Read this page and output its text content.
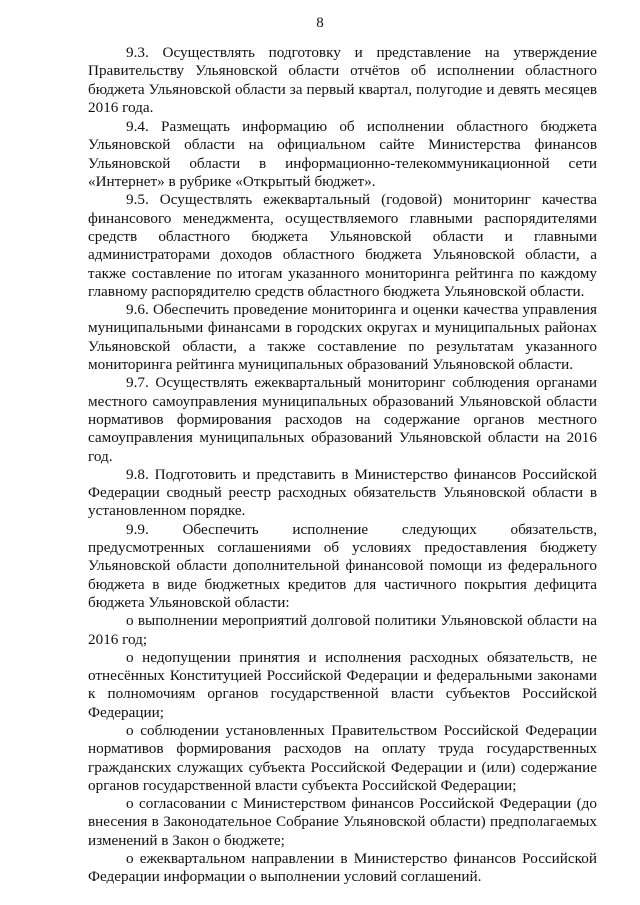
8

9.3. Осуществлять подготовку и представление на утверждение Правительству Ульяновской области отчётов об исполнении областного бюджета Ульяновской области за первый квартал, полугодие и девять месяцев 2016 года.

9.4. Размещать информацию об исполнении областного бюджета Ульяновской области на официальном сайте Министерства финансов Ульяновской области в информационно-телекоммуникационной сети «Интернет» в рубрике «Открытый бюджет».

9.5. Осуществлять ежеквартальный (годовой) мониторинг качества финансового менеджмента, осуществляемого главными распорядителями средств областного бюджета Ульяновской области и главными администраторами доходов областного бюджета Ульяновской области, а также составление по итогам указанного мониторинга рейтинга по каждому главному распорядителю средств областного бюджета Ульяновской области.

9.6. Обеспечить проведение мониторинга и оценки качества управления муниципальными финансами в городских округах и муниципальных районах Ульяновской области, а также составление по результатам указанного мониторинга рейтинга муниципальных образований Ульяновской области.

9.7. Осуществлять ежеквартальный мониторинг соблюдения органами местного самоуправления муниципальных образований Ульяновской области нормативов формирования расходов на содержание органов местного самоуправления муниципальных образований Ульяновской области на 2016 год.

9.8. Подготовить и представить в Министерство финансов Российской Федерации сводный реестр расходных обязательств Ульяновской области в установленном порядке.

9.9. Обеспечить исполнение следующих обязательств, предусмотренных соглашениями об условиях предоставления бюджету Ульяновской области дополнительной финансовой помощи из федерального бюджета в виде бюджетных кредитов для частичного покрытия дефицита бюджета Ульяновской области:

о выполнении мероприятий долговой политики Ульяновской области на 2016 год;

о недопущении принятия и исполнения расходных обязательств, не отнесённых Конституцией Российской Федерации и федеральными законами к полномочиям органов государственной власти субъектов Российской Федерации;

о соблюдении установленных Правительством Российской Федерации нормативов формирования расходов на оплату труда государственных гражданских служащих субъекта Российской Федерации и (или) содержание органов государственной власти субъекта Российской Федерации;

о согласовании с Министерством финансов Российской Федерации (до внесения в Законодательное Собрание Ульяновской области) предполагаемых изменений в Закон о бюджете;

о ежеквартальном направлении в Министерство финансов Российской Федерации информации о выполнении условий соглашений.
